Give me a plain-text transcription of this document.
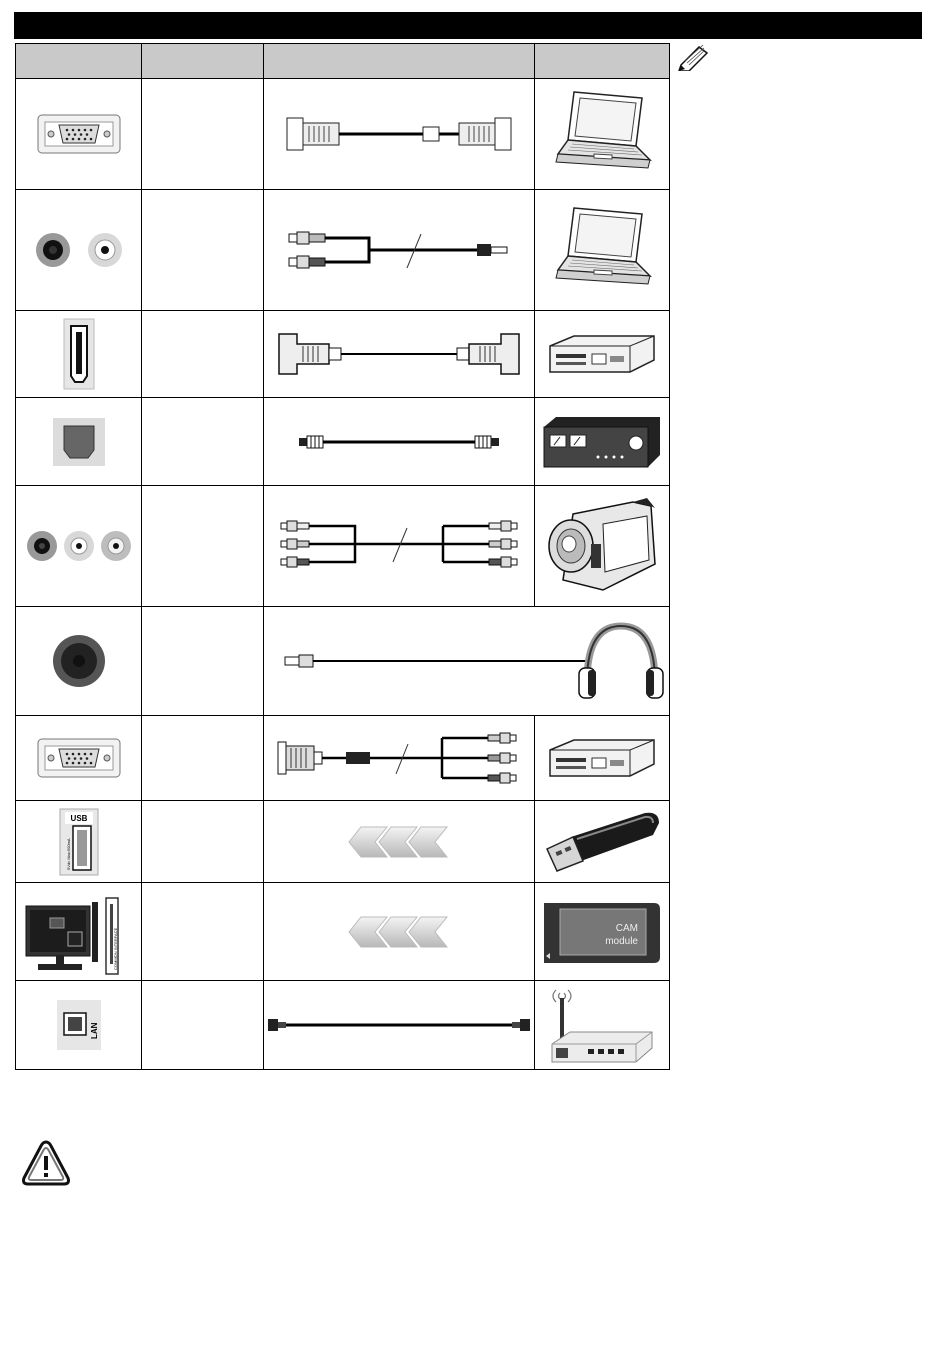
USB
5Vdc Max:500mA

COMMON INTERFACE			CAM
module

LAN
